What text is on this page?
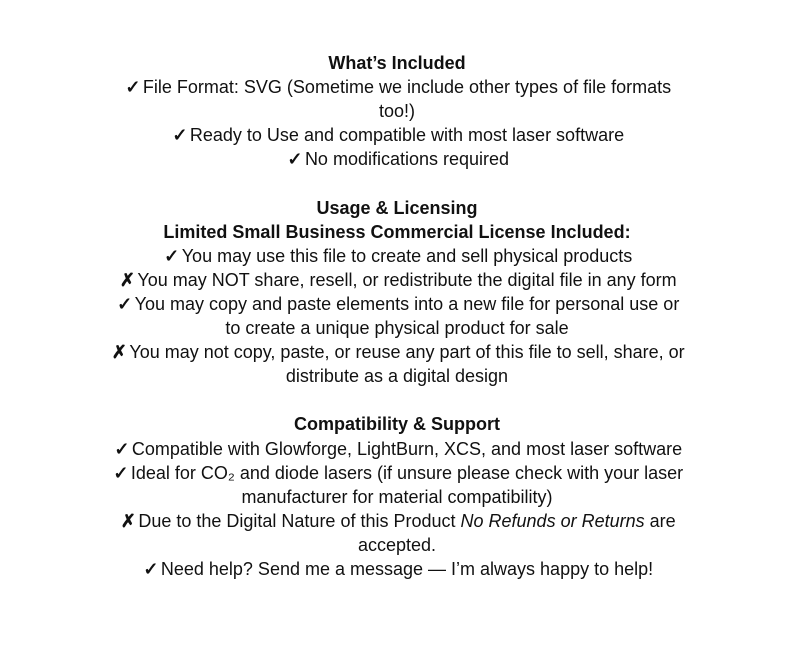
What’s Included
✓ File Format: SVG (Sometime we include other types of file formats
too!)
✓ Ready to Use and compatible with most laser software
✓ No modifications required
Usage & Licensing
Limited Small Business Commercial License Included:
✓ You may use this file to create and sell physical products
✗ You may NOT share, resell, or redistribute the digital file in any form
✓ You may copy and paste elements into a new file for personal use or
to create a unique physical product for sale
✗ You may not copy, paste, or reuse any part of this file to sell, share, or
distribute as a digital design
Compatibility & Support
✓ Compatible with Glowforge, LightBurn, XCS, and most laser software
✓ Ideal for CO₂ and diode lasers (if unsure please check with your laser
manufacturer for material compatibility)
✗ Due to the Digital Nature of this Product No Refunds or Returns are
accepted.
✓ Need help? Send me a message — I’m always happy to help!
